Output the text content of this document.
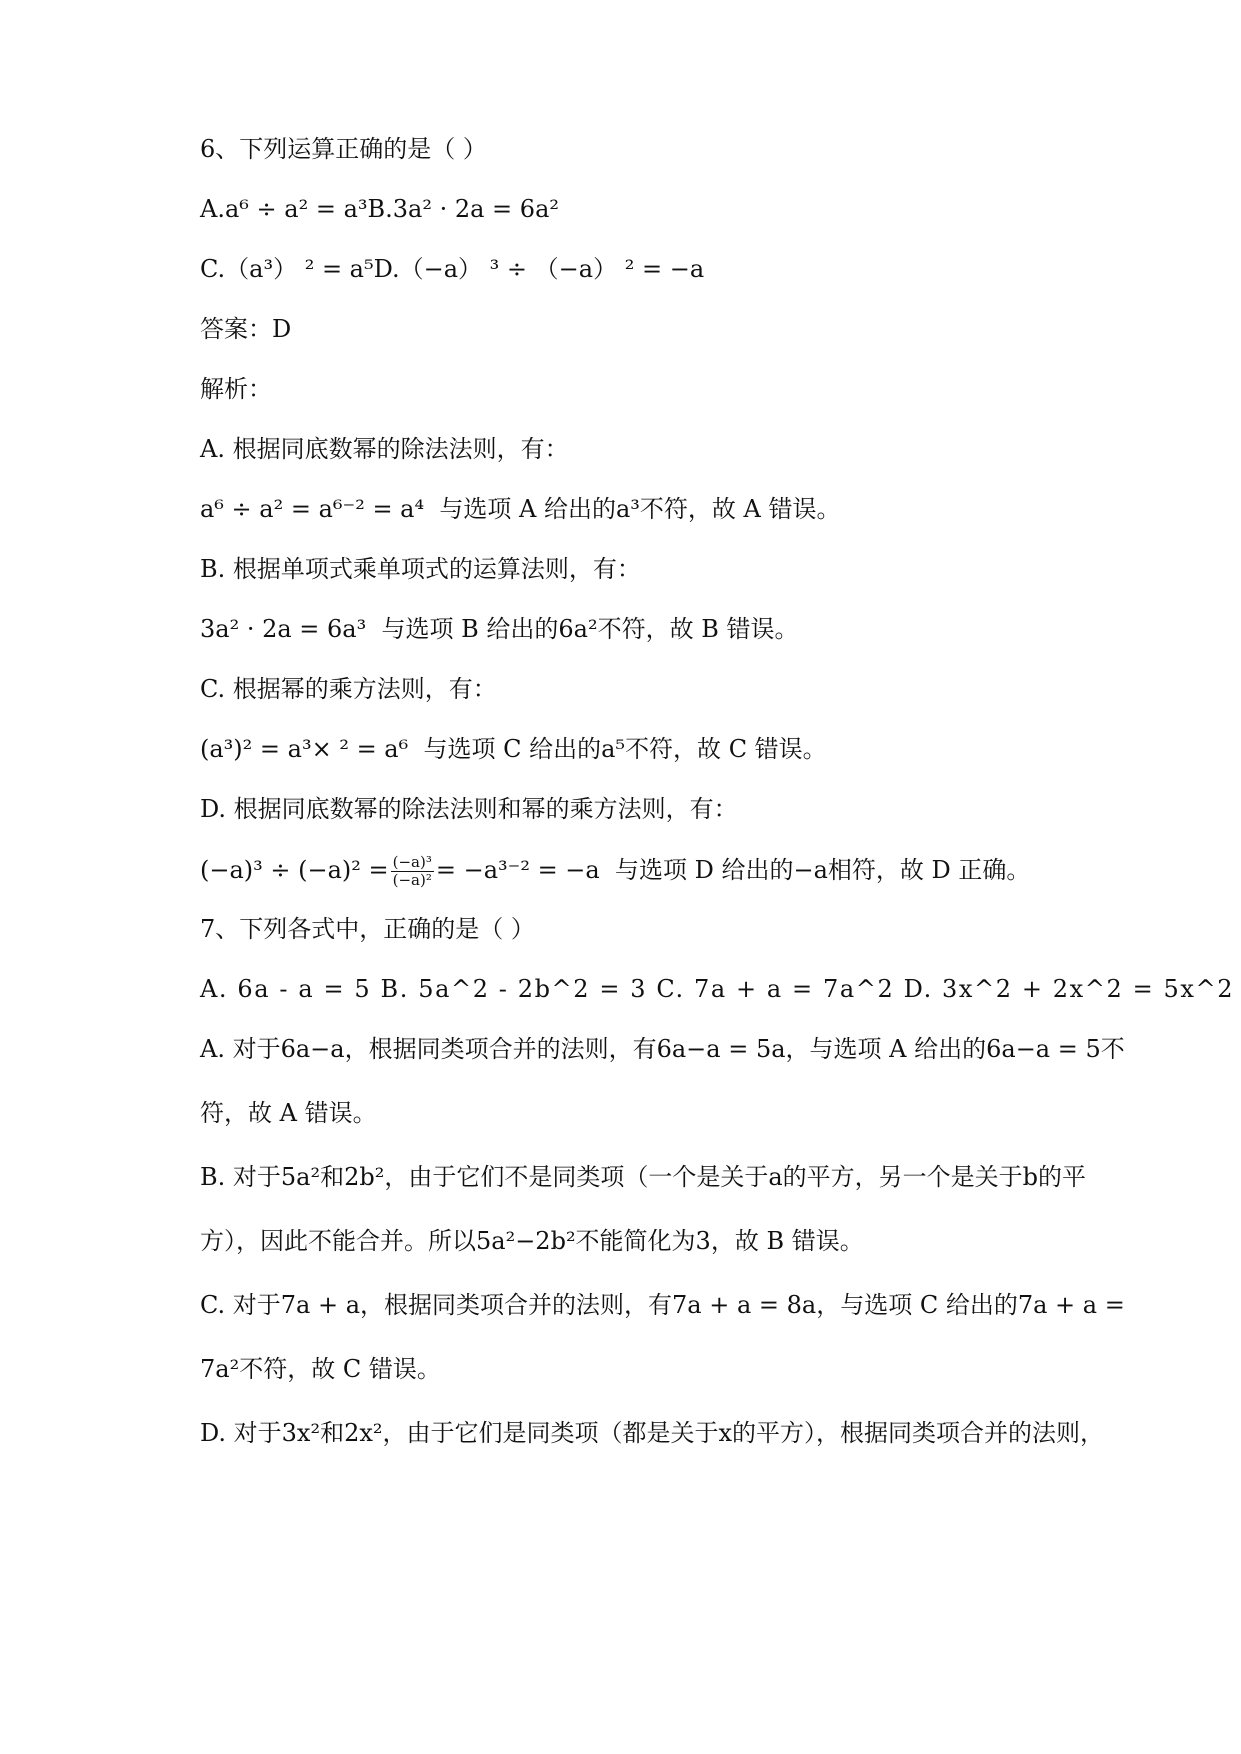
6、下列运算正确的是（ ）
A.a⁶ ÷ a² = a³B.3a² · 2a = 6a²
C.（a³） ² = a⁵D.（−a） ³ ÷ （−a） ² = −a
答案：D
解析：
A. 根据同底数幂的除法法则，有：
a⁶ ÷ a² = a⁶⁻² = a⁴ 与选项 A 给出的a³不符，故 A 错误。
B. 根据单项式乘单项式的运算法则，有：
3a² · 2a = 6a³ 与选项 B 给出的6a²不符，故 B 错误。
C. 根据幂的乘方法则，有：
(a³)² = a³× ² = a⁶ 与选项 C 给出的a⁵不符，故 C 错误。
D. 根据同底数幂的除法法则和幂的乘方法则，有：
$(-a)^3 \div (-a)^2 = \frac{\text{(−a)³}}{\text{(−a)²}} = -a^{3-2} = -a$ 与选项 D 给出的−a相符，故 D 正确。
7、下列各式中，正确的是（ ）
A. 6a - a = 5 B. 5a^2 - 2b^2 = 3 C. 7a + a = 7a^2 D. 3x^2 + 2x^2 = 5x^2
A. 对于6a−a，根据同类项合并的法则，有6a−a = 5a，与选项 A 给出的6a−a = 5不
符，故 A 错误。
B. 对于5a²和2b²，由于它们不是同类项（一个是关于a的平方，另一个是关于b的平
方），因此不能合并。所以5a²−2b²不能简化为3，故 B 错误。
C. 对于7a + a，根据同类项合并的法则，有7a + a = 8a，与选项 C 给出的7a + a =
7a²不符，故 C 错误。
D. 对于3x²和2x²，由于它们是同类项（都是关于x的平方），根据同类项合并的法则，
